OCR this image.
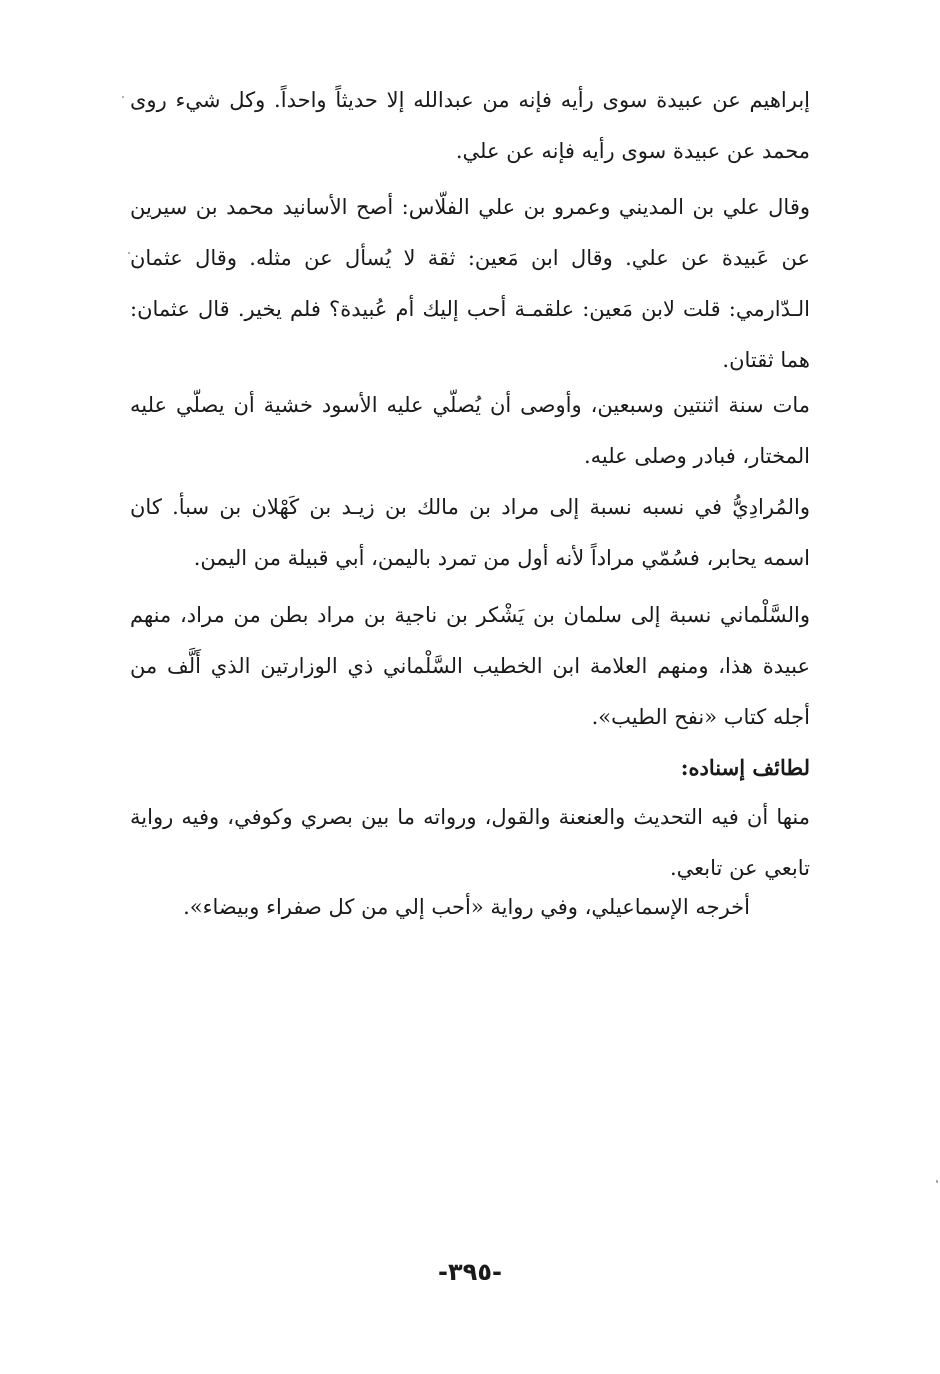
إبراهيم عن عبيدة سوى رأيه فإنه من عبدالله إلا حديثاً واحداً. وكل شيء روى محمد عن عبيدة سوى رأيه فإنه عن علي.

وقال علي بن المديني وعمرو بن علي الفلّاس: أصح الأسانيد محمد بن سيرين عن عَبيدة عن علي. وقال ابن مَعين: ثقة لا يُسأل عن مثله. وقال عثمان الـدّارمي: قلت لابن مَعين: علقمـة أحب إليك أم عُبيدة؟ فلم يخير. قال عثمان: هما ثقتان.

مات سنة اثنتين وسبعين، وأوصى أن يُصلّي عليه الأسود خشية أن يصلّي عليه المختار، فبادر وصلى عليه.

والمُرادِيُّ في نسبه نسبة إلى مراد بن مالك بن زيـد بن كَهْلان بن سبأ. كان اسمه يحابر، فسُمّي مراداً لأنه أول من تمرد باليمن، أبي قبيلة من اليمن.

والسَّلْماني نسبة إلى سلمان بن يَشْكر بن ناجية بن مراد بطن من مراد، منهم عبيدة هذا، ومنهم العلامة ابن الخطيب السَّلْماني ذي الوزارتين الذي أَلَّف من أجله كتاب «نفح الطيب».

لطائف إسناده:

منها أن فيه التحديث والعنعنة والقول، ورواته ما بين بصري وكوفي، وفيه رواية تابعي عن تابعي.

أخرجه الإسماعيلي، وفي رواية «أحب إلي من كل صفراء وبيضاء».
-٣٩٥-
